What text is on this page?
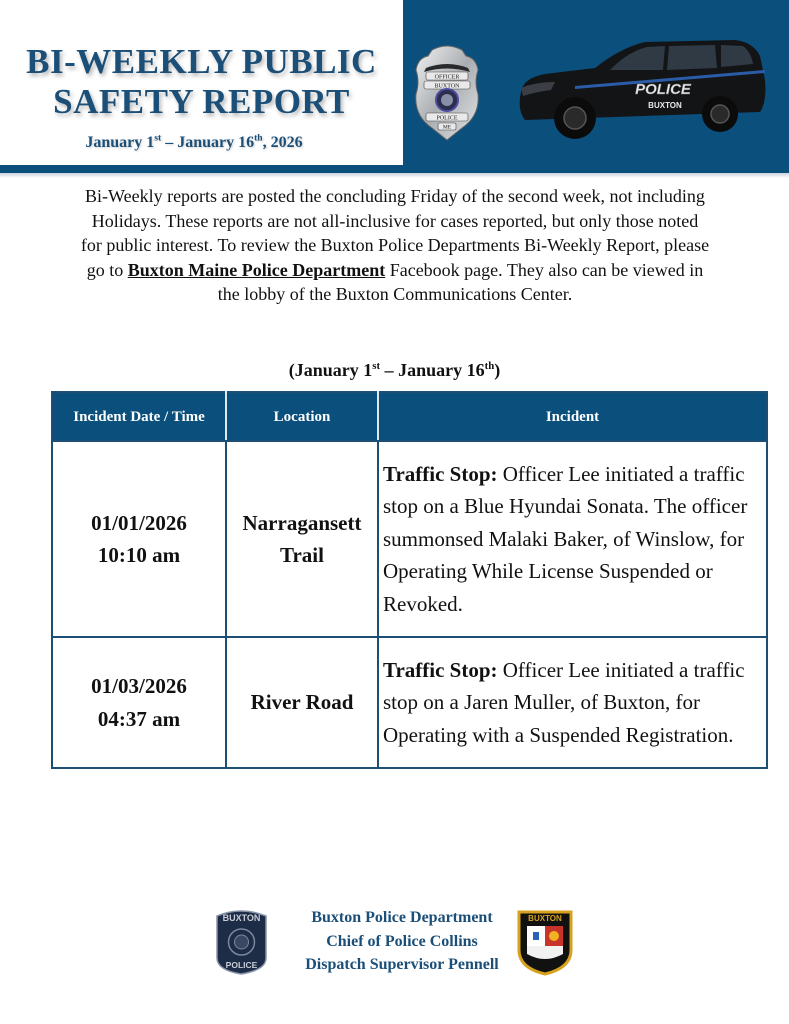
BI-WEEKLY PUBLIC
SAFETY REPORT
January 1st – January 16th, 2026
OFFICER
BUXTON
POLICE
ME
POLICE
BUXTON
Bi-Weekly reports are posted the concluding Friday of the second week, not including Holidays. These reports are not all-inclusive for cases reported, but only those noted for public interest. To review the Buxton Police Departments Bi-Weekly Report, please go to Buxton Maine Police Department Facebook page. They also can be viewed in the lobby of the Buxton Communications Center.
(January 1st – January 16th)
Incident Date / Time	Location	Incident

01/01/2026
10:10 am	Narragansett Trail	Traffic Stop: Officer Lee initiated a traffic stop on a Blue Hyundai Sonata. The officer summonsed Malaki Baker, of Winslow, for Operating While License Suspended or Revoked.

01/03/2026
04:37 am	River Road	Traffic Stop: Officer Lee initiated a traffic stop on a Jaren Muller, of Buxton, for Operating with a Suspended Registration.
BUXTON
POLICE
Buxton Police Department
Chief of Police Collins
Dispatch Supervisor Pennell
BUXTON
